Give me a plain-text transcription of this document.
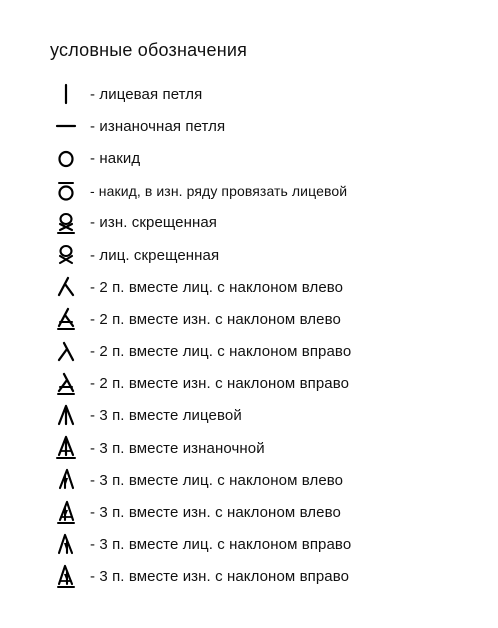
условные обозначения
- лицевая петля
- изнаночная петля
- накид
- накид, в изн. ряду провязать лицевой
- изн. скрещенная
- лиц. скрещенная
- 2 п. вместе лиц. с наклоном влево
- 2 п. вместе изн. с наклоном влево
- 2 п. вместе лиц. с наклоном вправо
- 2 п. вместе изн. с наклоном вправо
- 3 п. вместе лицевой
- 3 п. вместе изнаночной
- 3 п. вместе лиц. с наклоном влево
- 3 п. вместе изн. с наклоном влево
- 3 п. вместе лиц. с наклоном вправо
- 3 п. вместе изн. с наклоном вправо
